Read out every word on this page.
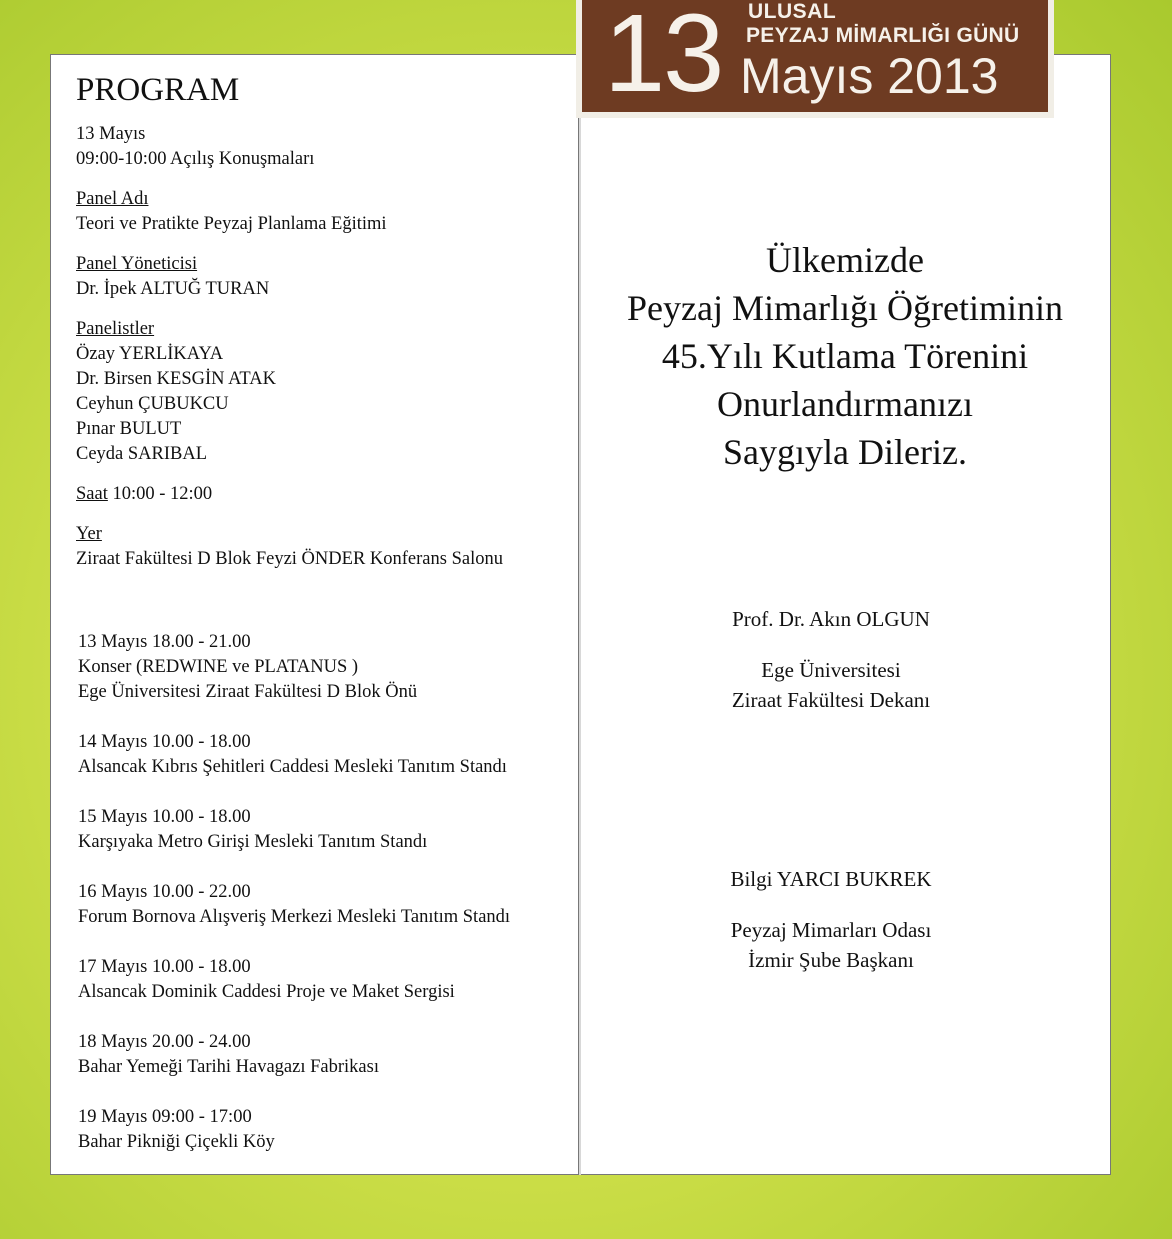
13 ULUSAL
PEYZAJ MİMARLIĞI GÜNÜ
Mayıs 2013
PROGRAM
13 Mayıs
09:00-10:00 Açılış Konuşmaları
Panel Adı
Teori ve Pratikte Peyzaj Planlama Eğitimi
Panel Yöneticisi
Dr. İpek ALTUĞ TURAN
Panelistler
Özay YERLİKAYA
Dr. Birsen KESGİN ATAK
Ceyhun ÇUBUKCU
Pınar BULUT
Ceyda SARIBAL
Saat 10:00 - 12:00
Yer
Ziraat Fakültesi D Blok Feyzi ÖNDER Konferans Salonu
13 Mayıs 18.00 - 21.00
Konser (REDWINE ve PLATANUS )
Ege Üniversitesi Ziraat Fakültesi D Blok Önü
14 Mayıs 10.00 - 18.00
Alsancak Kıbrıs Şehitleri Caddesi Mesleki Tanıtım Standı
15 Mayıs 10.00 - 18.00
Karşıyaka Metro Girişi Mesleki Tanıtım Standı
16 Mayıs 10.00 - 22.00
Forum Bornova Alışveriş Merkezi Mesleki Tanıtım Standı
17 Mayıs 10.00 - 18.00
Alsancak Dominik Caddesi Proje ve Maket Sergisi
18 Mayıs 20.00 - 24.00
Bahar Yemeği Tarihi Havagazı Fabrikası
19 Mayıs 09:00 - 17:00
Bahar Pikniği Çiçekli Köy
Ülkemizde
Peyzaj Mimarlığı Öğretiminin
45.Yılı Kutlama Törenini
Onurlandırmanızı
Saygıyla Dileriz.
Prof. Dr. Akın OLGUN
Ege Üniversitesi
Ziraat Fakültesi Dekanı
Bilgi YARCI BUKREK
Peyzaj Mimarları Odası
İzmir Şube Başkanı
